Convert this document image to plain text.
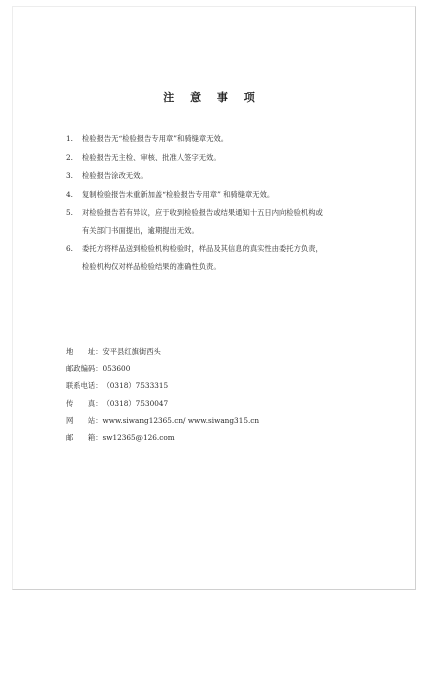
注 意 事 项
1.	检验报告无“检验报告专用章”和骑缝章无效。
2.	检验报告无主检、审核、批准人签字无效。
3.	检验报告涂改无效。
4.	复制检验报告未重新加盖“检验报告专用章” 和骑缝章无效。
5.	对检验报告若有异议，应于收到检验报告或结果通知十五日内向检验机构或
有关部门书面提出，逾期提出无效。
6.	委托方将样品送到检验机构检验时，样品及其信息的真实性由委托方负责，
检验机构仅对样品检验结果的准确性负责。
地　　址 ： 安平县红旗街西头
邮政编码 ： 053600
联系电话 ： （0318）7533315
传　　真 ： （0318）7530047
网　　站 ： www.siwang12365.cn/ www.siwang315.cn
邮　　箱 ： sw12365@126.com
